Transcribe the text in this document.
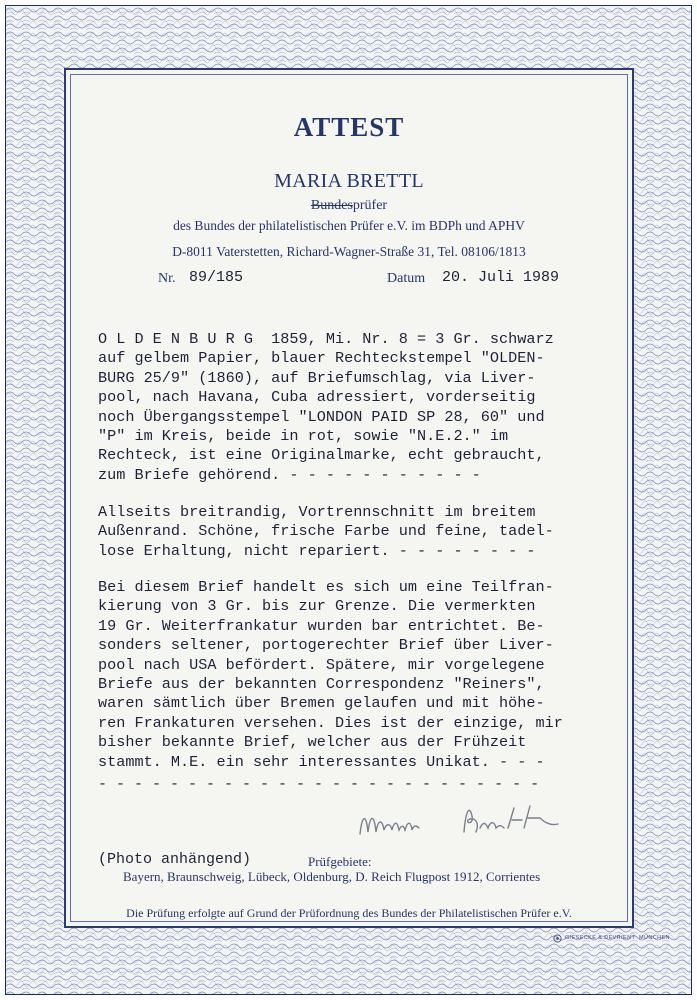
ATTEST
MARIA BRETTL
Bundesprüfer
des Bundes der philatelistischen Prüfer e.V. im BDPh und APHV
D-8011 Vaterstetten, Richard-Wagner-Straße 31, Tel. 08106/1813
Nr. 89/185	Datum 20. Juli 1989
O L D E N B U R G  1859, Mi. Nr. 8 = 3 Gr. schwarz
auf gelbem Papier, blauer Rechteckstempel "OLDEN-
BURG 25/9" (1860), auf Briefumschlag, via Liver-
pool, nach Havana, Cuba adressiert, vorderseitig
noch Übergangsstempel "LONDON PAID SP 28, 60" und
"P" im Kreis, beide in rot, sowie "N.E.2." im
Rechteck, ist eine Originalmarke, echt gebraucht,
zum Briefe gehörend. - - - - - - - - - - -
Allseits breitrandig, Vortrennschnitt im breitem
Außenrand. Schöne, frische Farbe und feine, tadel-
lose Erhaltung, nicht repariert. - - - - - - - -
Bei diesem Brief handelt es sich um eine Teilfran-
kierung von 3 Gr. bis zur Grenze. Die vermerkten
19 Gr. Weiterfrankatur wurden bar entrichtet. Be-
sonders seltener, portogerechter Brief über Liver-
pool nach USA befördert. Spätere, mir vorgelegene
Briefe aus der bekannten Correspondenz "Reiners",
waren sämtlich über Bremen gelaufen und mit höhe-
ren Frankaturen versehen. Dies ist der einzige, mir
bisher bekannte Brief, welcher aus der Frühzeit
stammt. M.E. ein sehr interessantes Unikat. - - -
- - - - - - - - - - - - - - - - - - - - - - - - -
(Photo anhängend)	Prüfgebiete:
Bayern, Braunschweig, Lübeck, Oldenburg, D. Reich Flugpost 1912, Corrientes
Die Prüfung erfolgte auf Grund der Prüfordnung des Bundes der Philatelistischen Prüfer e.V.
GIESECKE & DEVRIENT  MÜNCHEN
